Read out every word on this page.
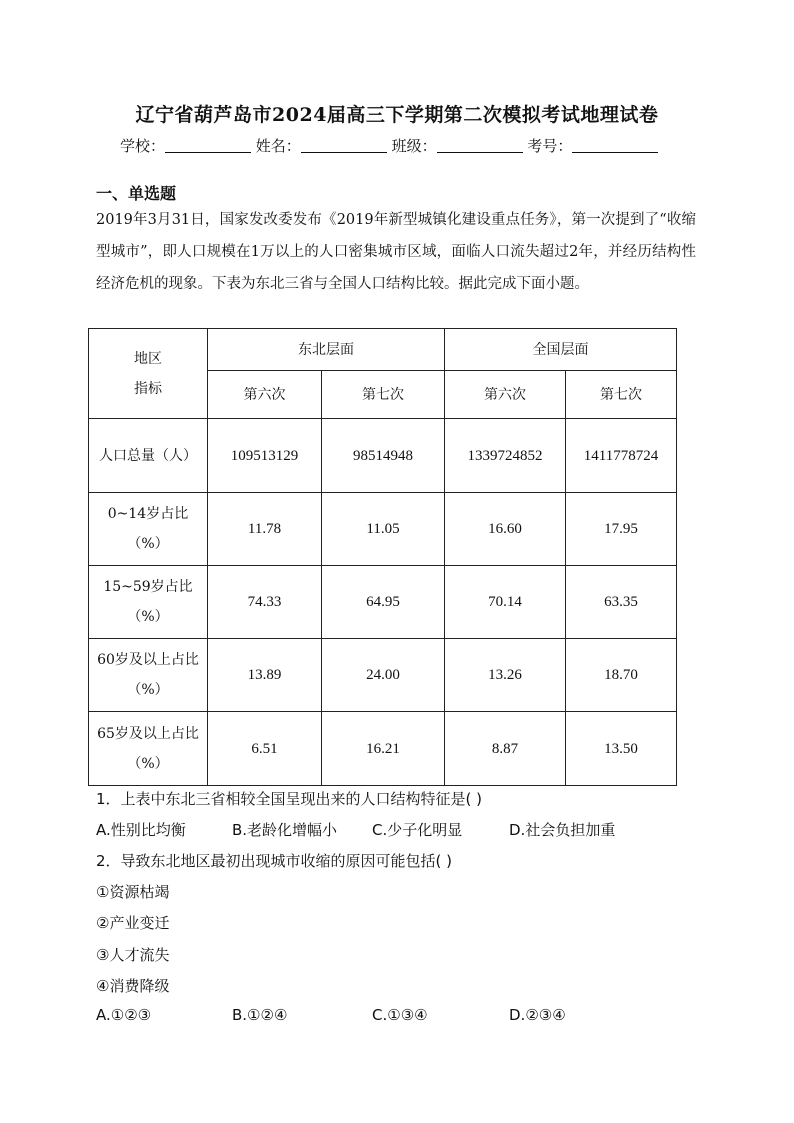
辽宁省葫芦岛市2024届高三下学期第二次模拟考试地理试卷
学校：	姓名：	班级：	考号：
一、单选题
2019年3月31日，国家发改委发布《2019年新型城镇化建设重点任务》，第一次提到了“收缩型城市”，即人口规模在1万以上的人口密集城市区域，面临人口流失超过2年，并经历结构性经济危机的现象。下表为东北三省与全国人口结构比较。据此完成下面小题。
地区
指标	东北层面		全国层面	
	第六次	第七次	第六次	第七次
人口总量（人）	109513129	98514948	1339724852	1411778724
0~14岁占比（%）	11.78	11.05	16.60	17.95
15~59岁占比（%）	74.33	64.95	70.14	63.35
60岁及以上占比（%）	13.89	24.00	13.26	18.70
65岁及以上占比（%）	6.51	16.21	8.87	13.50
1．上表中东北三省相较全国呈现出来的人口结构特征是( )
A.性别比均衡	B.老龄化增幅小 C.少子化明显	D.社会负担加重
2．导致东北地区最初出现城市收缩的原因可能包括( )
①资源枯竭
②产业变迁
③人才流失
④消费降级
A.①②③	B.①②④	C.①③④	D.②③④
